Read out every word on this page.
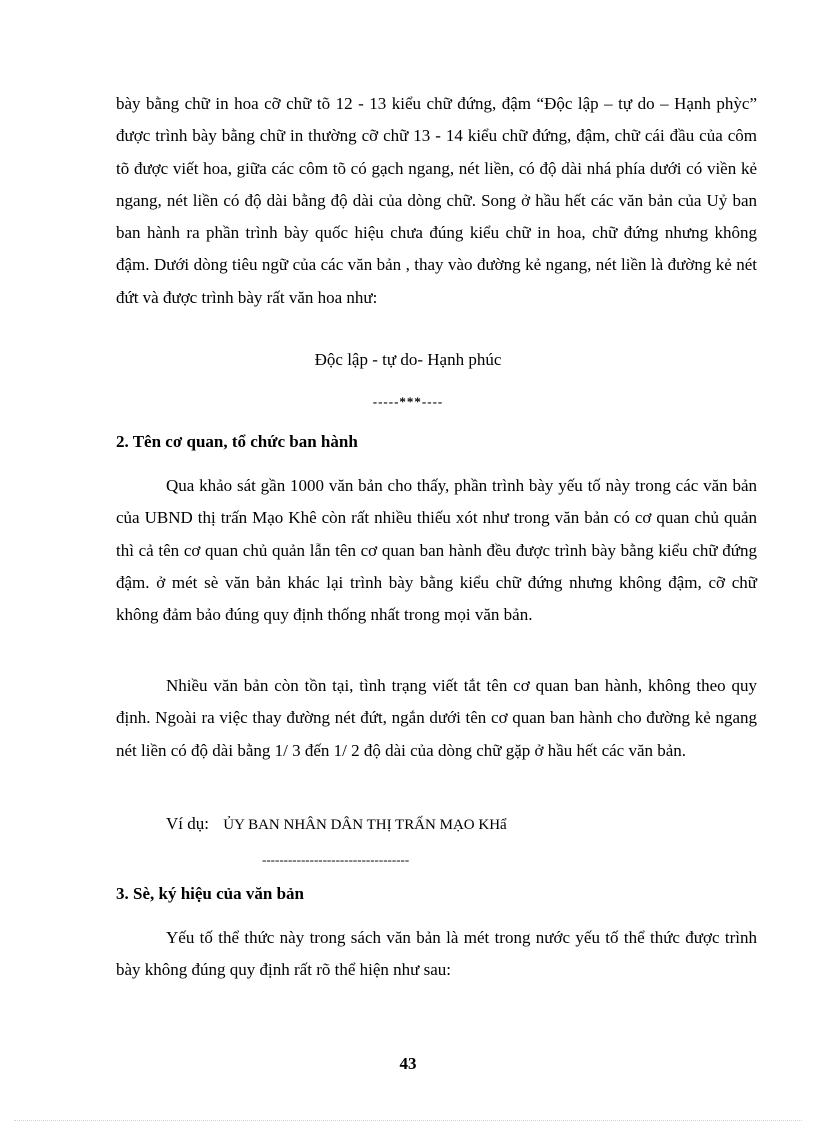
bày bằng chữ in hoa cỡ chữ tõ 12 - 13 kiểu chữ đứng, đậm “Độc lập – tự do – Hạnh phỳc” được trình bày bằng chữ in thường cỡ chữ 13 - 14 kiểu chữ đứng, đậm, chữ cái đầu của côm tõ được viết hoa, giữa các côm tõ có gạch ngang, nét liền, có độ dài nhá phía dưới có viền kẻ ngang, nét liền có độ dài bằng độ dài của dòng chữ. Song ở hầu hết các văn bản của Uỷ ban ban hành ra phần trình bày quốc hiệu chưa đúng kiểu chữ in hoa, chữ đứng nhưng không đậm. Dưới dòng tiêu ngữ của các văn bản , thay vào đường kẻ ngang, nét liền là đường kẻ nét đứt và được trình bày rất văn hoa như:
Độc lập - tự do- Hạnh phúc
-----***----
2. Tên cơ quan, tổ chức ban hành
Qua khảo sát gần 1000 văn bản cho thấy, phần trình bày yếu tố này trong các văn bản của UBND thị trấn Mạo Khê còn rất nhiều thiếu xót như trong văn bản có cơ quan chủ quản thì cả tên cơ quan chủ quản lẫn tên cơ quan ban hành đều được trình bày bằng kiểu chữ đứng đậm. ở mét sè văn bản khác lại trình bày bằng kiểu chữ đứng nhưng không đậm, cỡ chữ không đảm bảo đúng quy định thống nhất trong mọi văn bản.
Nhiều văn bản còn tồn tại, tình trạng viết tắt tên cơ quan ban hành, không theo quy định. Ngoài ra việc thay đường nét đứt, ngắn dưới tên cơ quan ban hành cho đường kẻ ngang nét liền có độ dài bằng 1/ 3 đến 1/ 2 độ dài của dòng chữ gặp ở hầu hết các văn bản.
Ví dụ: ỦY BAN NHÂN DÂN THỊ TRẤN MẠO KHẩ
----------------------------------
3. Sè, ký hiệu của văn bản
Yếu tố thể thức này trong sách văn bản là mét trong nước yếu tố thể thức được trình bày không đúng quy định rất rõ thể hiện như sau:
43
